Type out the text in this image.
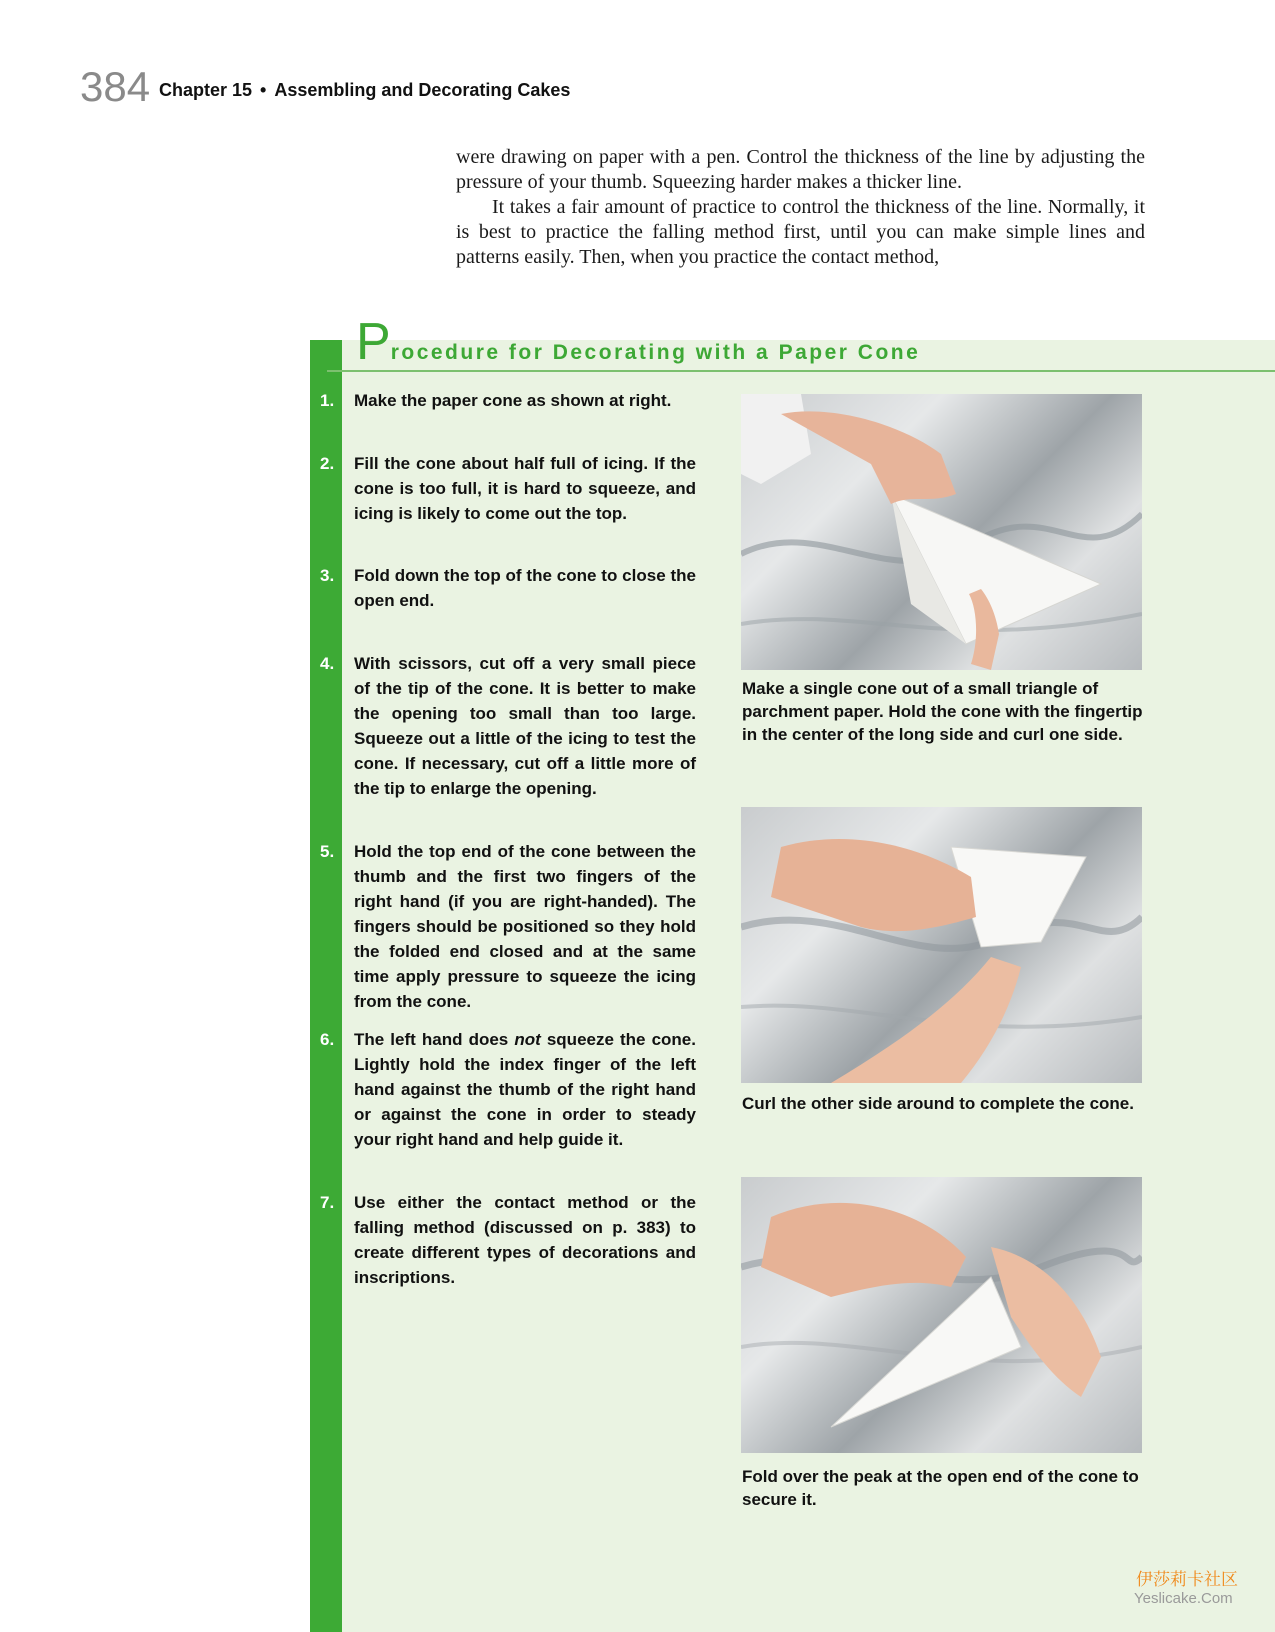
384 Chapter 15 • Assembling and Decorating Cakes

were drawing on paper with a pen. Control the thickness of the line by adjusting the pressure of your thumb. Squeezing harder makes a thicker line.

It takes a fair amount of practice to control the thickness of the line. Normally, it is best to practice the falling method first, until you can make simple lines and patterns easily. Then, when you practice the contact method,

Procedure for Decorating with a Paper Cone
1. Make the paper cone as shown at right.
2. Fill the cone about half full of icing. If the cone is too full, it is hard to squeeze, and icing is likely to come out the top.
3. Fold down the top of the cone to close the open end.
4. With scissors, cut off a very small piece of the tip of the cone. It is better to make the opening too small than too large. Squeeze out a little of the icing to test the cone. If necessary, cut off a little more of the tip to enlarge the opening.
5. Hold the top end of the cone between the thumb and the first two fingers of the right hand (if you are right-handed). The fingers should be positioned so they hold the folded end closed and at the same time apply pressure to squeeze the icing from the cone.
6. The left hand does not squeeze the cone. Lightly hold the index finger of the left hand against the thumb of the right hand or against the cone in order to steady your right hand and help guide it.
7. Use either the contact method or the falling method (discussed on p. 383) to create different types of decorations and inscriptions.
Make a single cone out of a small triangle of parchment paper. Hold the cone with the fingertip in the center of the long side and curl one side.
Curl the other side around to complete the cone.
Fold over the peak at the open end of the cone to secure it.
伊莎莉卡社区
Yeslicake.Com
